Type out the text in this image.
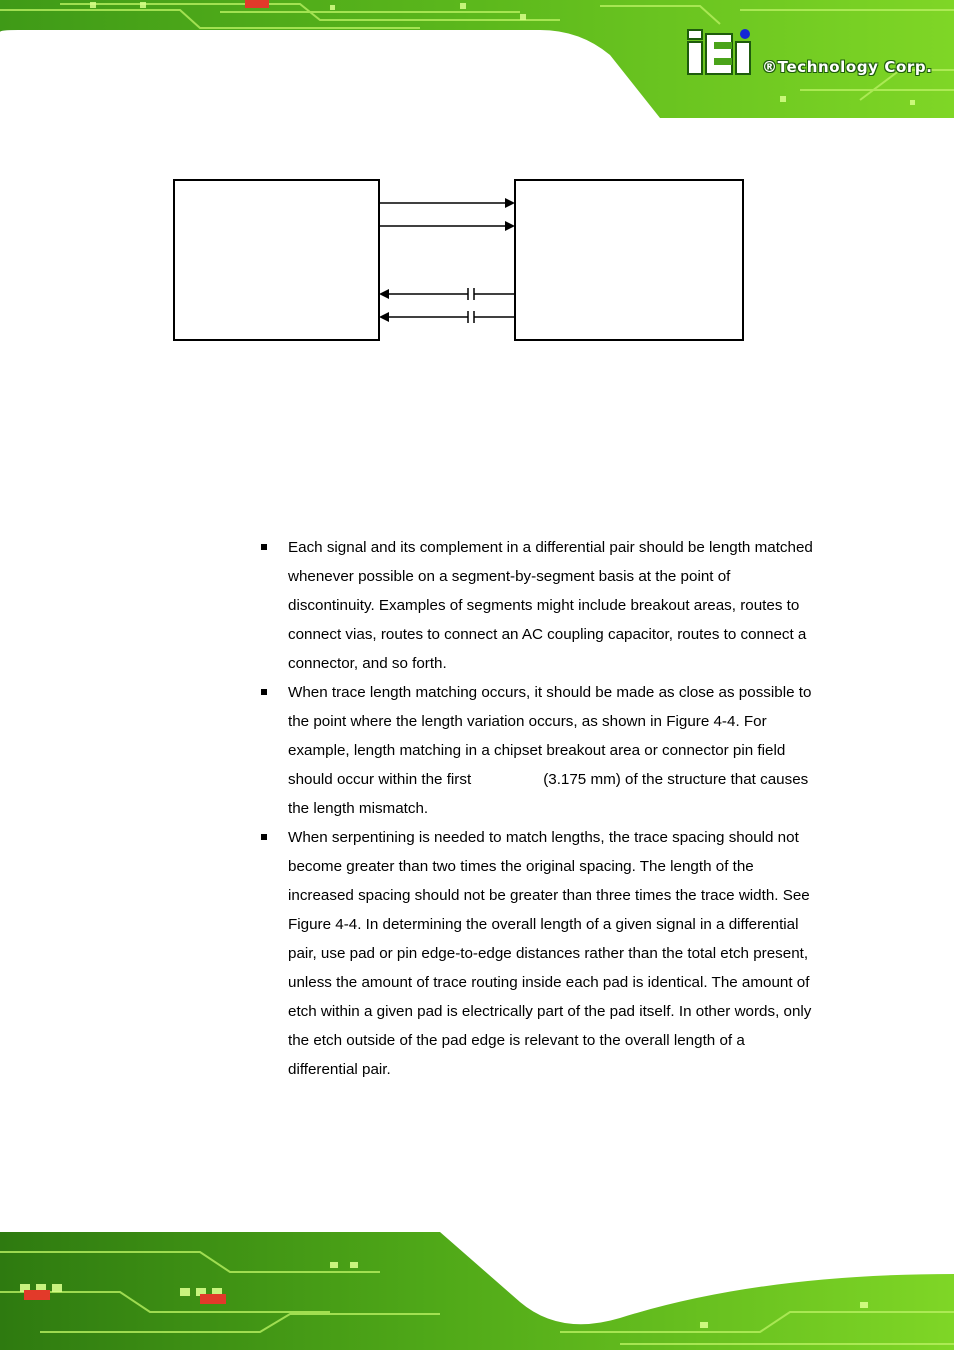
®Technology Corp.
Each signal and its complement in a differential pair should be length matched whenever possible on a segment-by-segment basis at the point of discontinuity. Examples of segments might include breakout areas, routes to connect vias, routes to connect an AC coupling capacitor, routes to connect a connector, and so forth.
When trace length matching occurs, it should be made as close as possible to the point where the length variation occurs, as shown in Figure 4-4. For example, length matching in a chipset breakout area or connector pin field should occur within the first	(3.175 mm) of the structure that causes the length mismatch.
When serpentining is needed to match lengths, the trace spacing should not become greater than two times the original spacing. The length of the increased spacing should not be greater than three times the trace width. See Figure 4-4. In determining the overall length of a given signal in a differential pair, use pad or pin edge-to-edge distances rather than the total etch present, unless the amount of trace routing inside each pad is identical. The amount of etch within a given pad is electrically part of the pad itself. In other words, only the etch outside of the pad edge is relevant to the overall length of a differential pair.
